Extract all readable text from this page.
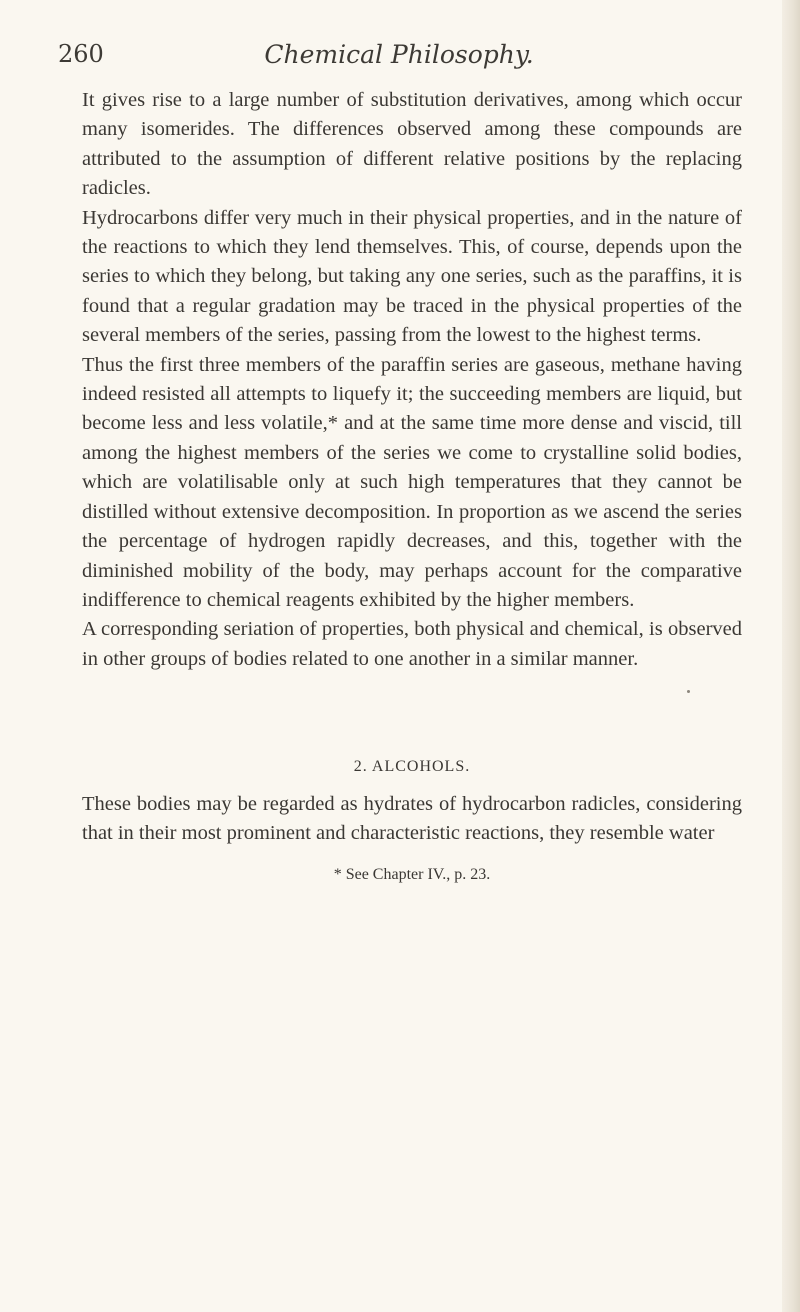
260	Chemical Philosophy.

It gives rise to a large number of substitution derivatives, among which occur many isomerides. The differences observed among these compounds are attributed to the assumption of different relative positions by the replacing radicles.

Hydrocarbons differ very much in their physical properties, and in the nature of the reactions to which they lend themselves. This, of course, depends upon the series to which they belong, but taking any one series, such as the paraffins, it is found that a regular gradation may be traced in the physical properties of the several members of the series, passing from the lowest to the highest terms.

Thus the first three members of the paraffin series are gaseous, methane having indeed resisted all attempts to liquefy it; the succeeding members are liquid, but become less and less volatile,* and at the same time more dense and viscid, till among the highest members of the series we come to crystalline solid bodies, which are volatilisable only at such high temperatures that they cannot be distilled without extensive decomposition. In proportion as we ascend the series the percentage of hydrogen rapidly decreases, and this, together with the diminished mobility of the body, may perhaps account for the comparative indifference to chemical reagents exhibited by the higher members.

A corresponding seriation of properties, both physical and chemical, is observed in other groups of bodies related to one another in a similar manner.

2. ALCOHOLS.

These bodies may be regarded as hydrates of hydrocarbon radicles, considering that in their most prominent and characteristic reactions, they resemble water

* See Chapter IV., p. 23.
